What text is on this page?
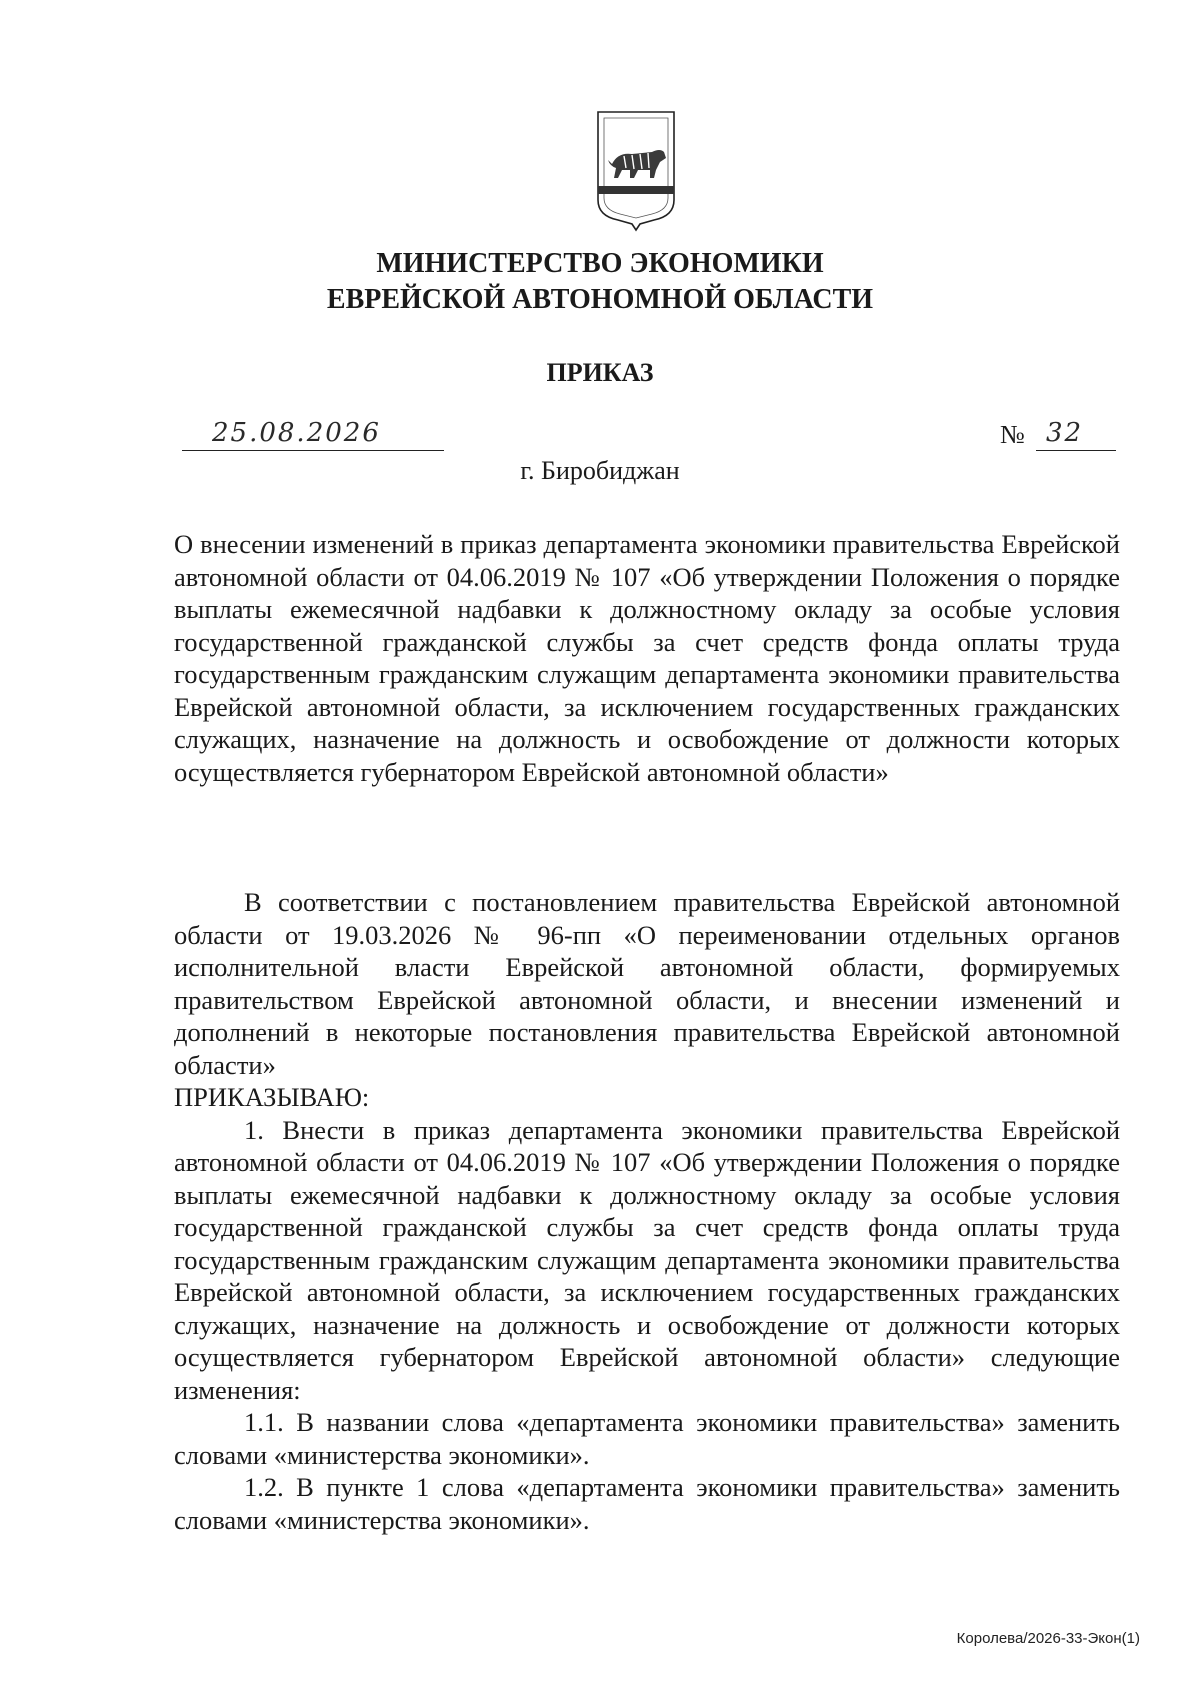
МИНИСТЕРСТВО ЭКОНОМИКИ
ЕВРЕЙСКОЙ АВТОНОМНОЙ ОБЛАСТИ
ПРИКАЗ
25.08.2026	№ 32
г. Биробиджан

О внесении изменений в приказ департамента экономики правительства Еврейской автономной области от 04.06.2019 № 107 «Об утверждении Положения о порядке выплаты ежемесячной надбавки к должностному окладу за особые условия государственной гражданской службы за счет средств фонда оплаты труда государственным гражданским служащим департамента экономики правительства Еврейской автономной области, за исключением государственных гражданских служащих, назначение на должность и освобождение от должности которых осуществляется губернатором Еврейской автономной области»

В соответствии с постановлением правительства Еврейской автономной области от 19.03.2026 № 96-пп «О переименовании отдельных органов исполнительной власти Еврейской автономной области, формируемых правительством Еврейской автономной области, и внесении изменений и дополнений в некоторые постановления правительства Еврейской автономной области»

ПРИКАЗЫВАЮ:

1. Внести в приказ департамента экономики правительства Еврейской автономной области от 04.06.2019 № 107 «Об утверждении Положения о порядке выплаты ежемесячной надбавки к должностному окладу за особые условия государственной гражданской службы за счет средств фонда оплаты труда государственным гражданским служащим департамента экономики правительства Еврейской автономной области, за исключением государственных гражданских служащих, назначение на должность и освобождение от должности которых осуществляется губернатором Еврейской автономной области» следующие изменения:

1.1. В названии слова «департамента экономики правительства» заменить словами «министерства экономики».

1.2. В пункте 1 слова «департамента экономики правительства» заменить словами «министерства экономики».

Королева/2026-33-Экон(1)
